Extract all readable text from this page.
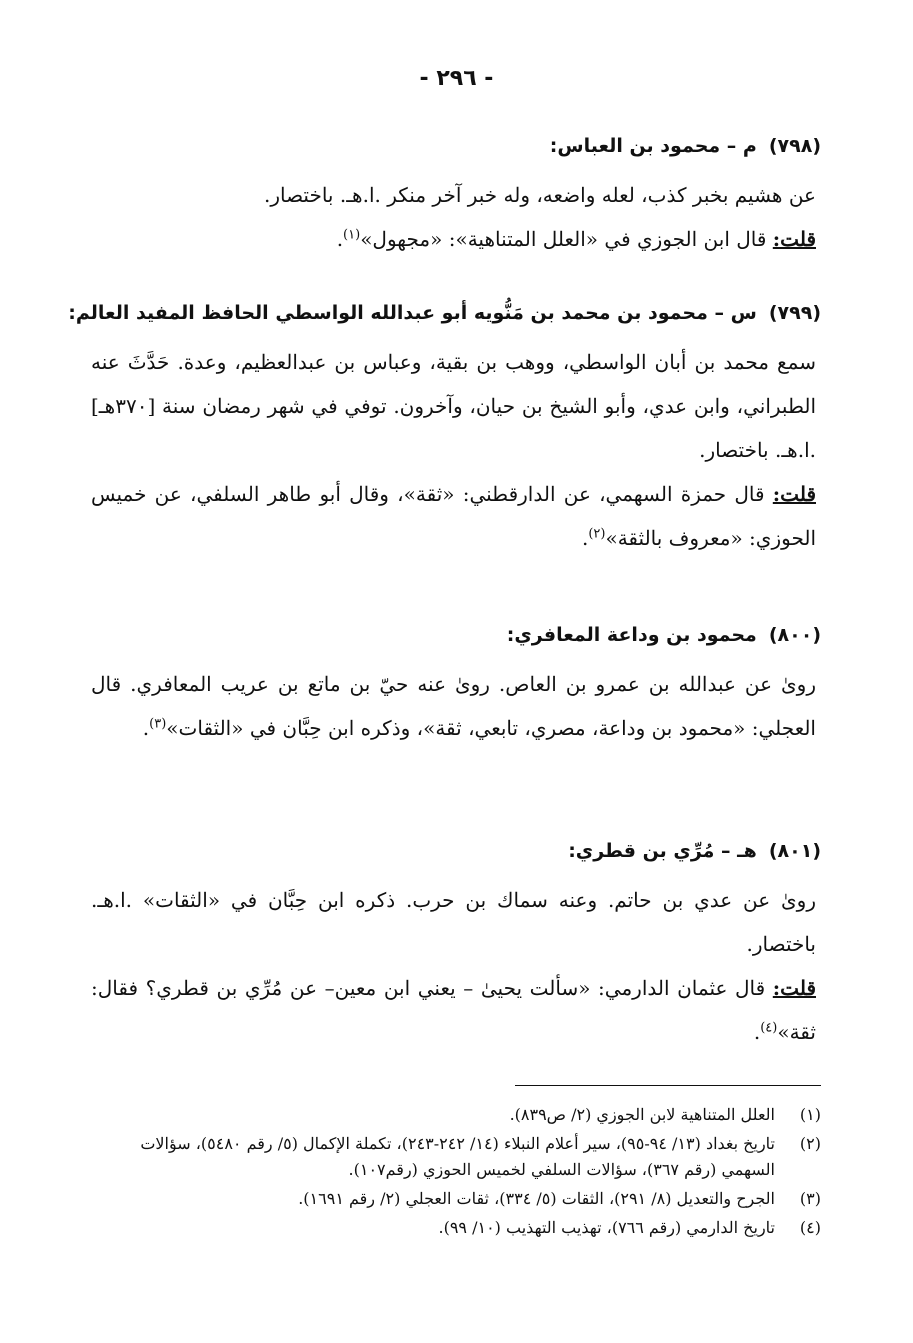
- ٢٩٦ -
(٧٩٨)م – محمود بن العباس:

عن هشيم بخبر كذب، لعله واضعه، وله خبر آخر منكر .ا.هـ. باختصار.

قلت: قال ابن الجوزي في «العلل المتناهية»: «مجهول»$^{(١)}$.

(٧٩٩)س – محمود بن محمد بن مَنُّويه أبو عبدالله الواسطي الحافظ المفيد العالم:

سمع محمد بن أبان الواسطي، ووهب بن بقية، وعباس بن عبدالعظيم، وعدة. حَدَّثَ عنه الطبراني، وابن عدي، وأبو الشيخ بن حيان، وآخرون. توفي في شهر رمضان سنة [٣٧٠هـ] .ا.هـ. باختصار.

قلت: قال حمزة السهمي، عن الدارقطني: «ثقة»، وقال أبو طاهر السلفي، عن خميس الحوزي: «معروف بالثقة»$^{(٢)}$.

(٨٠٠)محمود بن وداعة المعافري:

روىٰ عن عبدالله بن عمرو بن العاص. روىٰ عنه حيّ بن ماتع بن عريب المعافري. قال العجلي: «محمود بن وداعة، مصري، تابعي، ثقة»، وذكره ابن حِبَّان في «الثقات»$^{(٣)}$.

(٨٠١)هـ – مُرِّي بن قطري:

روىٰ عن عدي بن حاتم. وعنه سماك بن حرب. ذكره ابن حِبَّان في «الثقات» .ا.هـ. باختصار.

قلت: قال عثمان الدارمي: «سألت يحيىٰ – يعني ابن معين– عن مُرِّي بن قطري؟ فقال: ثقة»$^{(٤)}$.

(١)
العلل المتناهية لابن الجوزي (٢/ ص٨٣٩).

(٢)
تاريخ بغداد (١٣/ ٩٤-٩٥)، سير أعلام النبلاء (١٤/ ٢٤٢-٢٤٣)، تكملة الإكمال (٥/ رقم ٥٤٨٠)، سؤالات السهمي (رقم ٣٦٧)، سؤالات السلفي لخميس الحوزي (رقم١٠٧).

(٣)
الجرح والتعديل (٨/ ٢٩١)، الثقات (٥/ ٣٣٤)، ثقات العجلي (٢/ رقم ١٦٩١).

(٤)
تاريخ الدارمي (رقم ٧٦٦)، تهذيب التهذيب (١٠/ ٩٩).
